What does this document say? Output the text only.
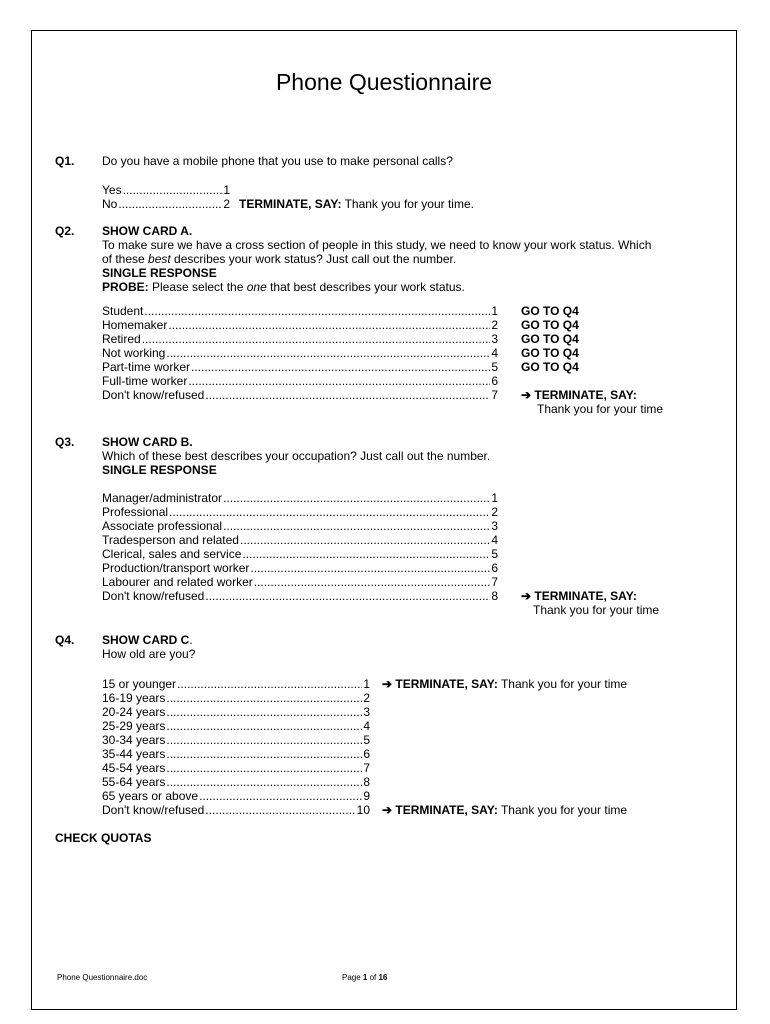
Phone Questionnaire
Q1. Do you have a mobile phone that you use to make personal calls?
Yes .....	1
No .....	2 TERMINATE, SAY: Thank you for your time.
Q2. SHOW CARD A.
To make sure we have a cross section of people in this study, we need to know your work status. Which
of these best describes your work status? Just call out the number.
SINGLE RESPONSE
PROBE: Please select the one that best describes your work status.
Student .....	1 GO TO Q4
Homemaker .....	2 GO TO Q4
Retired .....	3 GO TO Q4
Not working .....	4 GO TO Q4
Part-time worker .....	5 GO TO Q4
Full-time worker .....	6
Don't know/refused .....	7 ➔ TERMINATE, SAY:
Thank you for your time
Q3. SHOW CARD B.
Which of these best describes your occupation? Just call out the number.
SINGLE RESPONSE
Manager/administrator .....	1
Professional .....	2
Associate professional .....	3
Tradesperson and related .....	4
Clerical, sales and service .....	5
Production/transport worker .....	6
Labourer and related worker .....	7
Don't know/refused .....	8 ➔ TERMINATE, SAY:
Thank you for your time
Q4. SHOW CARD C.
How old are you?
15 or younger .....	1 ➔ TERMINATE, SAY: Thank you for your time
16-19 years .....	2
20-24 years .....	3
25-29 years .....	4
30-34 years .....	5
35-44 years .....	6
45-54 years .....	7
55-64 years .....	8
65 years or above .....	9
Don't know/refused .....	10 ➔ TERMINATE, SAY: Thank you for your time
CHECK QUOTAS
Phone Questionnaire.doc	Page 1 of 16
